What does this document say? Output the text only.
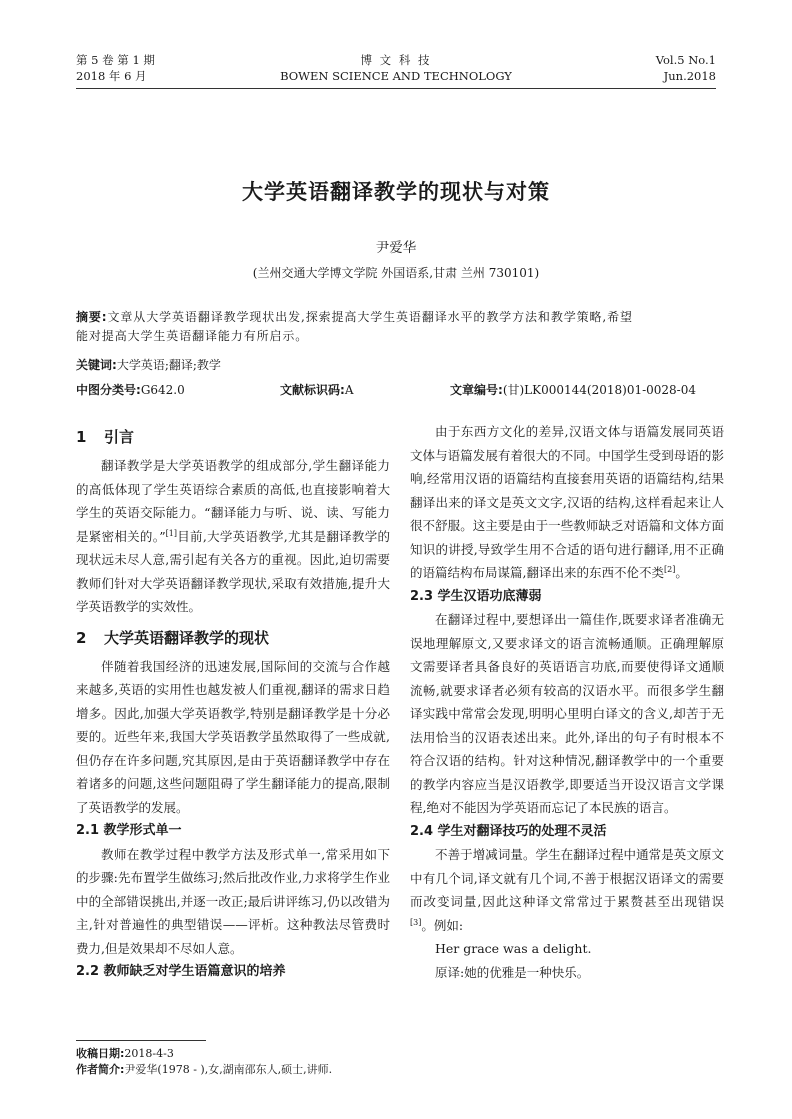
第 5 卷 第 1 期
2018 年 6 月
博 文 科 技
BOWEN SCIENCE AND TECHNOLOGY
Vol.5 No.1
Jun.2018
大学英语翻译教学的现状与对策
尹爱华
(兰州交通大学博文学院 外国语系,甘肃 兰州 730101)
摘要:文章从大学英语翻译教学现状出发,探索提高大学生英语翻译水平的教学方法和教学策略,希望
能对提高大学生英语翻译能力有所启示。
关键词:大学英语;翻译;教学
中图分类号:G642.0	文献标识码:A	文章编号:(甘)LK000144(2018)01-0028-04
1 引言
翻译教学是大学英语教学的组成部分,学生翻译能力的高低体现了学生英语综合素质的高低,也直接影响着大学生的英语交际能力。“翻译能力与听、说、读、写能力是紧密相关的。”[1]目前,大学英语教学,尤其是翻译教学的现状远未尽人意,需引起有关各方的重视。因此,迫切需要教师们针对大学英语翻译教学现状,采取有效措施,提升大学英语教学的实效性。
2 大学英语翻译教学的现状
伴随着我国经济的迅速发展,国际间的交流与合作越来越多,英语的实用性也越发被人们重视,翻译的需求日趋增多。因此,加强大学英语教学,特别是翻译教学是十分必要的。近些年来,我国大学英语教学虽然取得了一些成就,但仍存在许多问题,究其原因,是由于英语翻译教学中存在着诸多的问题,这些问题阻碍了学生翻译能力的提高,限制了英语教学的发展。
2.1 教学形式单一
教师在教学过程中教学方法及形式单一,常采用如下的步骤:先布置学生做练习;然后批改作业,力求将学生作业中的全部错误挑出,并逐一改正;最后讲评练习,仍以改错为主,针对普遍性的典型错误——评析。这种教法尽管费时费力,但是效果却不尽如人意。
2.2 教师缺乏对学生语篇意识的培养
由于东西方文化的差异,汉语文体与语篇发展同英语文体与语篇发展有着很大的不同。中国学生受到母语的影响,经常用汉语的语篇结构直接套用英语的语篇结构,结果翻译出来的译文是英文文字,汉语的结构,这样看起来让人很不舒服。这主要是由于一些教师缺乏对语篇和文体方面知识的讲授,导致学生用不合适的语句进行翻译,用不正确的语篇结构布局谋篇,翻译出来的东西不伦不类[2]。
2.3 学生汉语功底薄弱
在翻译过程中,要想译出一篇佳作,既要求译者准确无误地理解原文,又要求译文的语言流畅通顺。正确理解原文需要译者具备良好的英语语言功底,而要使得译文通顺流畅,就要求译者必须有较高的汉语水平。而很多学生翻译实践中常常会发现,明明心里明白译文的含义,却苦于无法用恰当的汉语表述出来。此外,译出的句子有时根本不符合汉语的结构。针对这种情况,翻译教学中的一个重要的教学内容应当是汉语教学,即要适当开设汉语言文学课程,绝对不能因为学英语而忘记了本民族的语言。
2.4 学生对翻译技巧的处理不灵活
不善于增减词量。学生在翻译过程中通常是英文原文中有几个词,译文就有几个词,不善于根据汉语译文的需要而改变词量,因此这种译文常常过于累赘甚至出现错误[3]。例如:
Her grace was a delight.
原译:她的优雅是一种快乐。
收稿日期:2018-4-3
作者简介:尹爱华(1978 - ),女,湖南邵东人,硕士,讲师.
